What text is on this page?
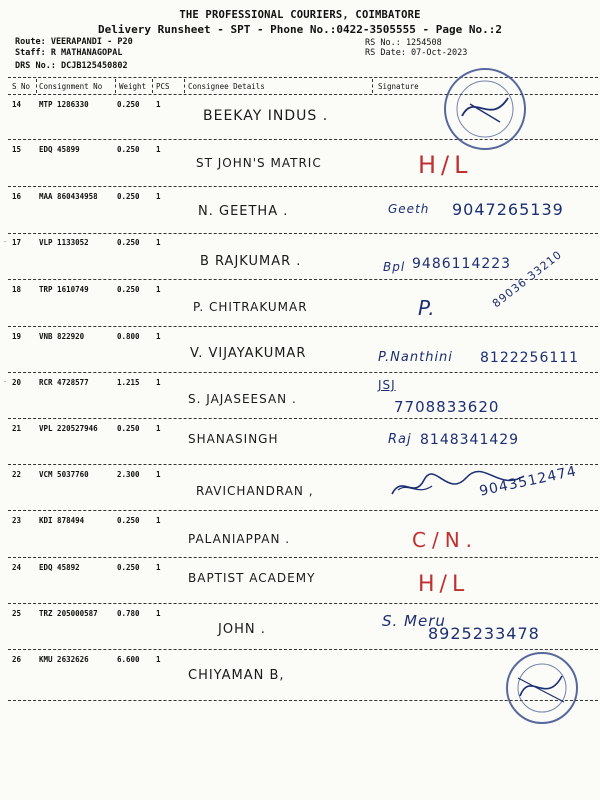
THE PROFESSIONAL COURIERS, COIMBATORE
Delivery Runsheet - SPT - Phone No.:0422-3505555 - Page No.:2
Route: VEERAPANDI - P20
Staff: R MATHANAGOPAL
DRS No.: DCJB125450802
RS No.: 1254508
RS Date: 07-Oct-2023
S No Consignment No Weight PCS Consignee Details	Signature
14 MTP 1286330	0.250 1
BEEKAY INDUS .
15 EDQ 45899	0.250 1
ST JOHN'S MATRIC	H/L
16 MAA 860434958	0.250 1
N. GEETHA .	Geeth 9047265139
17 VLP 1133052	0.250 1
B RAJKUMAR .	Bpl 9486114223
18 TRP 1610749	0.250 1
P. CHITRAKUMAR	P.	89036 33210
19 VNB 822920	0.800 1
V. VIJAYAKUMAR	P.Nanthini 8122256111
20 RCR 4728577	1.215 1
S. JAJASEESAN .
JSJ
7708833620
21 VPL 220527946	0.250 1
SHANASINGH	Raj 8148341429
22 VCM 5037760	2.300 1
RAVICHANDRAN ,	9043512474
23 KDI 878494	0.250 1
PALANIAPPAN .	C/N.
24 EDQ 45892	0.250 1
BAPTIST ACADEMY	H/L
25 TRZ 205000587	0.780 1
JOHN .	S. Meru
8925233478
26 KMU 2632626	6.600 1
CHIYAMAN B,
-
-
